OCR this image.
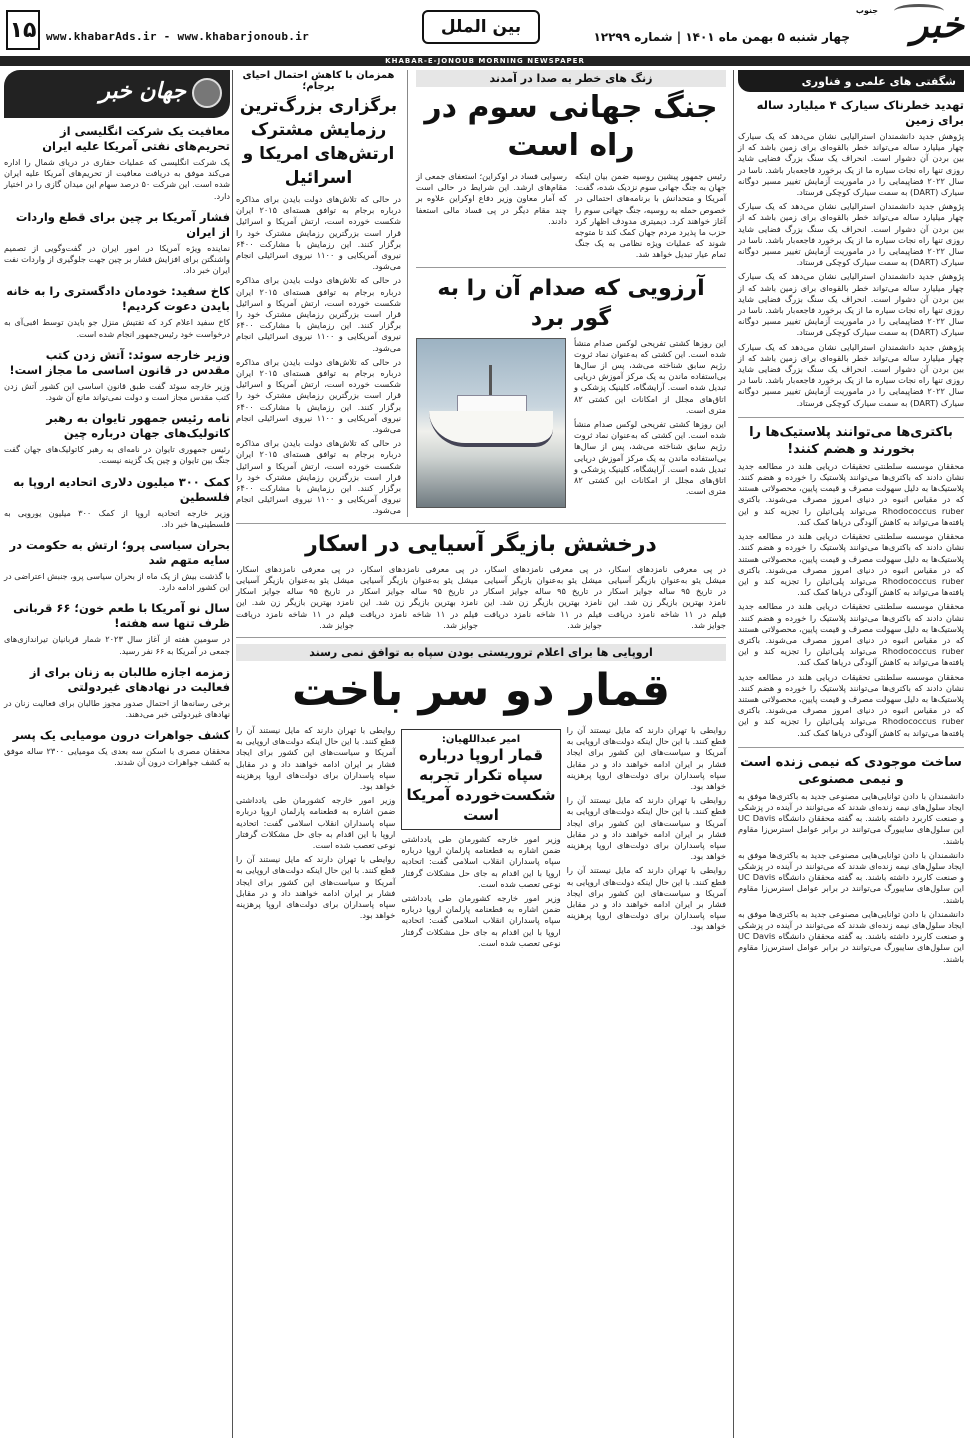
۱۵ www.khabarAds.ir - www.khabarjonoub.ir	بین الملل	چهار شنبه ۵ بهمن ماه ۱۴۰۱ | شماره ۱۲۲۹۹	خبر
جنوب
KHABAR-E-JONOUB MORNING NEWSPAPER
شگفتی های علمی و فناوری
تهدید خطرناک سیارک ۴ میلیارد ساله برای زمین
پژوهش جدید دانشمندان استرالیایی نشان می‌دهد که یک سیارک چهار میلیارد ساله می‌تواند خطر بالقوه‌ای برای زمین باشد که از بین بردن آن دشوار است. انحراف یک سنگ بزرگ فضایی شاید روزی تنها راه نجات سیاره ما از یک برخورد فاجعه‌بار باشد. ناسا در سال ۲۰۲۲ فضاپیمایی را در ماموریت آزمایش تغییر مسیر دوگانه سیارک (DART) به سمت سیارک کوچکی فرستاد.
پژوهش جدید دانشمندان استرالیایی نشان می‌دهد که یک سیارک چهار میلیارد ساله می‌تواند خطر بالقوه‌ای برای زمین باشد که از بین بردن آن دشوار است. انحراف یک سنگ بزرگ فضایی شاید روزی تنها راه نجات سیاره ما از یک برخورد فاجعه‌بار باشد. ناسا در سال ۲۰۲۲ فضاپیمایی را در ماموریت آزمایش تغییر مسیر دوگانه سیارک (DART) به سمت سیارک کوچکی فرستاد.
پژوهش جدید دانشمندان استرالیایی نشان می‌دهد که یک سیارک چهار میلیارد ساله می‌تواند خطر بالقوه‌ای برای زمین باشد که از بین بردن آن دشوار است. انحراف یک سنگ بزرگ فضایی شاید روزی تنها راه نجات سیاره ما از یک برخورد فاجعه‌بار باشد. ناسا در سال ۲۰۲۲ فضاپیمایی را در ماموریت آزمایش تغییر مسیر دوگانه سیارک (DART) به سمت سیارک کوچکی فرستاد.
پژوهش جدید دانشمندان استرالیایی نشان می‌دهد که یک سیارک چهار میلیارد ساله می‌تواند خطر بالقوه‌ای برای زمین باشد که از بین بردن آن دشوار است. انحراف یک سنگ بزرگ فضایی شاید روزی تنها راه نجات سیاره ما از یک برخورد فاجعه‌بار باشد. ناسا در سال ۲۰۲۲ فضاپیمایی را در ماموریت آزمایش تغییر مسیر دوگانه سیارک (DART) به سمت سیارک کوچکی فرستاد.
باکتری‌ها می‌توانند پلاستیک‌ها را بخورند و هضم کنند!
محققان موسسه سلطنتی تحقیقات دریایی هلند در مطالعه جدید نشان دادند که باکتری‌ها می‌توانند پلاستیک را خورده و هضم کنند. پلاستیک‌ها به دلیل سهولت مصرف و قیمت پایین، محصولاتی هستند که در مقیاس انبوه در دنیای امروز مصرف می‌شوند. باکتری Rhodococcus ruber می‌تواند پلی‌اتیلن را تجزیه کند و این یافته‌ها می‌تواند به کاهش آلودگی دریاها کمک کند.
محققان موسسه سلطنتی تحقیقات دریایی هلند در مطالعه جدید نشان دادند که باکتری‌ها می‌توانند پلاستیک را خورده و هضم کنند. پلاستیک‌ها به دلیل سهولت مصرف و قیمت پایین، محصولاتی هستند که در مقیاس انبوه در دنیای امروز مصرف می‌شوند. باکتری Rhodococcus ruber می‌تواند پلی‌اتیلن را تجزیه کند و این یافته‌ها می‌تواند به کاهش آلودگی دریاها کمک کند.
محققان موسسه سلطنتی تحقیقات دریایی هلند در مطالعه جدید نشان دادند که باکتری‌ها می‌توانند پلاستیک را خورده و هضم کنند. پلاستیک‌ها به دلیل سهولت مصرف و قیمت پایین، محصولاتی هستند که در مقیاس انبوه در دنیای امروز مصرف می‌شوند. باکتری Rhodococcus ruber می‌تواند پلی‌اتیلن را تجزیه کند و این یافته‌ها می‌تواند به کاهش آلودگی دریاها کمک کند.
محققان موسسه سلطنتی تحقیقات دریایی هلند در مطالعه جدید نشان دادند که باکتری‌ها می‌توانند پلاستیک را خورده و هضم کنند. پلاستیک‌ها به دلیل سهولت مصرف و قیمت پایین، محصولاتی هستند که در مقیاس انبوه در دنیای امروز مصرف می‌شوند. باکتری Rhodococcus ruber می‌تواند پلی‌اتیلن را تجزیه کند و این یافته‌ها می‌تواند به کاهش آلودگی دریاها کمک کند.
ساخت موجودی که نیمی زنده است و نیمی مصنوعی
دانشمندان با دادن توانایی‌هایی مصنوعی جدید به باکتری‌ها موفق به ایجاد سلول‌های نیمه زنده‌ای شدند که می‌توانند در آینده در پزشکی و صنعت کاربرد داشته باشند. به گفته محققان دانشگاه UC Davis این سلول‌های سایبورگ می‌توانند در برابر عوامل استرس‌زا مقاوم باشند.
دانشمندان با دادن توانایی‌هایی مصنوعی جدید به باکتری‌ها موفق به ایجاد سلول‌های نیمه زنده‌ای شدند که می‌توانند در آینده در پزشکی و صنعت کاربرد داشته باشند. به گفته محققان دانشگاه UC Davis این سلول‌های سایبورگ می‌توانند در برابر عوامل استرس‌زا مقاوم باشند.
دانشمندان با دادن توانایی‌هایی مصنوعی جدید به باکتری‌ها موفق به ایجاد سلول‌های نیمه زنده‌ای شدند که می‌توانند در آینده در پزشکی و صنعت کاربرد داشته باشند. به گفته محققان دانشگاه UC Davis این سلول‌های سایبورگ می‌توانند در برابر عوامل استرس‌زا مقاوم باشند.
جهان خبر
معافیت یک شرکت انگلیسی از تحریم‌های نفتی آمریکا علیه ایران
یک شرکت انگلیسی که عملیات حفاری در دریای شمال را اداره می‌کند موفق به دریافت معافیت از تحریم‌های آمریکا علیه ایران شده است. این شرکت ۵۰ درصد سهام این میدان گازی را در اختیار دارد.
فشار آمریکا بر چین برای قطع واردات از ایران
نماینده ویژه آمریکا در امور ایران در گفت‌وگویی از تصمیم واشنگتن برای افزایش فشار بر چین جهت جلوگیری از واردات نفت ایران خبر داد.
کاخ سفید: خودمان دادگستری را به خانه بایدن دعوت کردیم!
کاخ سفید اعلام کرد که تفتیش منزل جو بایدن توسط افبی‌آی به درخواست خود رئیس‌جمهور انجام شده است.
وزیر خارجه سوئد: آتش زدن کتب مقدس در قانون اساسی ما مجاز است!
وزیر خارجه سوئد گفت طبق قانون اساسی این کشور آتش زدن کتب مقدس مجاز است و دولت نمی‌تواند مانع آن شود.
نامه رئیس جمهور تایوان به رهبر کاتولیک‌های جهان درباره چین
رئیس جمهوری تایوان در نامه‌ای به رهبر کاتولیک‌های جهان گفت جنگ بین تایوان و چین یک گزینه نیست.
کمک ۳۰۰ میلیون دلاری اتحادیه اروپا به فلسطین
وزیر خارجه اتحادیه اروپا از کمک ۳۰۰ میلیون یورویی به فلسطینی‌ها خبر داد.
بحران سیاسی پرو؛ ارتش به حکومت در سایه متهم شد
با گذشت بیش از یک ماه از بحران سیاسی پرو، جنبش اعتراضی در این کشور ادامه دارد.
سال نو آمریکا با طعم خون؛ ۶۶ قربانی ظرف تنها سه هفته!
در سومین هفته از آغاز سال ۲۰۲۳ شمار قربانیان تیراندازی‌های جمعی در آمریکا به ۶۶ نفر رسید.
زمزمه اجازه طالبان به زنان برای از فعالیت در نهادهای غیردولتی
برخی رسانه‌ها از احتمال صدور مجوز طالبان برای فعالیت زنان در نهادهای غیردولتی خبر می‌دهند.
کشف جواهرات درون مومیایی یک پسر
محققان مصری با اسکن سه بعدی یک مومیایی ۲۳۰۰ ساله موفق به کشف جواهرات درون آن شدند.
زنگ های خطر به صدا در آمدند
جنگ جهانی سوم در راه است
رئیس جمهور پیشین روسیه ضمن بیان اینکه جهان به جنگ جهانی سوم نزدیک شده، گفت: آمریکا و متحدانش با برنامه‌های احتمالی در خصوص حمله به روسیه، جنگ جهانی سوم را آغاز خواهند کرد. دیمیتری مدودف اظهار کرد حزب ما پذیرد مردم جهان کمک کند تا متوجه شوند که عملیات ویژه نظامی به یک جنگ تمام عیار تبدیل خواهد شد.
رسوایی فساد در اوکراین؛ استعفای جمعی از مقام‌های ارشد. این شرایط در حالی است که آمار معاون وزیر دفاع اوکراین علاوه بر چند مقام دیگر در پی فساد مالی استعفا دادند.
آرزویی که صدام آن را به گور برد
این روزها کشتی تفریحی لوکس صدام منشأ شده است. این کشتی که به‌عنوان نماد ثروت رژیم سابق شناخته می‌شد، پس از سال‌ها بی‌استفاده ماندن به یک مرکز آموزش دریایی تبدیل شده است. آرایشگاه، کلینیک پزشکی و اتاق‌های مجلل از امکانات این کشتی ۸۲ متری است.
این روزها کشتی تفریحی لوکس صدام منشأ شده است. این کشتی که به‌عنوان نماد ثروت رژیم سابق شناخته می‌شد، پس از سال‌ها بی‌استفاده ماندن به یک مرکز آموزش دریایی تبدیل شده است. آرایشگاه، کلینیک پزشکی و اتاق‌های مجلل از امکانات این کشتی ۸۲ متری است.
همزمان با کاهش احتمال احیای برجام؛
برگزاری بزرگ‌ترین رزمایش مشترک ارتش‌های امریکا و اسرائیل
در حالی که تلاش‌های دولت بایدن برای مذاکره درباره برجام به توافق هسته‌ای ۲۰۱۵ ایران شکست خورده است، ارتش آمریکا و اسرائیل قرار است بزرگترین رزمایش مشترک خود را برگزار کنند. این رزمایش با مشارکت ۶۴۰۰ نیروی آمریکایی و ۱۱۰۰ نیروی اسرائیلی انجام می‌شود.
در حالی که تلاش‌های دولت بایدن برای مذاکره درباره برجام به توافق هسته‌ای ۲۰۱۵ ایران شکست خورده است، ارتش آمریکا و اسرائیل قرار است بزرگترین رزمایش مشترک خود را برگزار کنند. این رزمایش با مشارکت ۶۴۰۰ نیروی آمریکایی و ۱۱۰۰ نیروی اسرائیلی انجام می‌شود.
در حالی که تلاش‌های دولت بایدن برای مذاکره درباره برجام به توافق هسته‌ای ۲۰۱۵ ایران شکست خورده است، ارتش آمریکا و اسرائیل قرار است بزرگترین رزمایش مشترک خود را برگزار کنند. این رزمایش با مشارکت ۶۴۰۰ نیروی آمریکایی و ۱۱۰۰ نیروی اسرائیلی انجام می‌شود.
در حالی که تلاش‌های دولت بایدن برای مذاکره درباره برجام به توافق هسته‌ای ۲۰۱۵ ایران شکست خورده است، ارتش آمریکا و اسرائیل قرار است بزرگترین رزمایش مشترک خود را برگزار کنند. این رزمایش با مشارکت ۶۴۰۰ نیروی آمریکایی و ۱۱۰۰ نیروی اسرائیلی انجام می‌شود.
درخشش بازیگر آسیایی در اسکار
در پی معرفی نامزدهای اسکار، میشل یئو به‌عنوان بازیگر آسیایی در تاریخ ۹۵ ساله جوایز اسکار نامزد بهترین بازیگر زن شد. این فیلم در ۱۱ شاخه نامزد دریافت جوایز شد.
در پی معرفی نامزدهای اسکار، میشل یئو به‌عنوان بازیگر آسیایی در تاریخ ۹۵ ساله جوایز اسکار نامزد بهترین بازیگر زن شد. این فیلم در ۱۱ شاخه نامزد دریافت جوایز شد.
در پی معرفی نامزدهای اسکار، میشل یئو به‌عنوان بازیگر آسیایی در تاریخ ۹۵ ساله جوایز اسکار نامزد بهترین بازیگر زن شد. این فیلم در ۱۱ شاخه نامزد دریافت جوایز شد.
در پی معرفی نامزدهای اسکار، میشل یئو به‌عنوان بازیگر آسیایی در تاریخ ۹۵ ساله جوایز اسکار نامزد بهترین بازیگر زن شد. این فیلم در ۱۱ شاخه نامزد دریافت جوایز شد.
اروپایی ها برای اعلام تروریستی بودن سپاه به توافق نمی رسند
قمار دو سر باخت
روایطی با تهران دارند که مایل نیستند آن را قطع کنند. با این حال اینکه دولت‌های اروپایی به آمریکا و سیاست‌های این کشور برای ایجاد فشار بر ایران ادامه خواهند داد و در مقابل سپاه پاسداران برای دولت‌های اروپا پرهزینه خواهد بود.
روایطی با تهران دارند که مایل نیستند آن را قطع کنند. با این حال اینکه دولت‌های اروپایی به آمریکا و سیاست‌های این کشور برای ایجاد فشار بر ایران ادامه خواهند داد و در مقابل سپاه پاسداران برای دولت‌های اروپا پرهزینه خواهد بود.
روایطی با تهران دارند که مایل نیستند آن را قطع کنند. با این حال اینکه دولت‌های اروپایی به آمریکا و سیاست‌های این کشور برای ایجاد فشار بر ایران ادامه خواهند داد و در مقابل سپاه پاسداران برای دولت‌های اروپا پرهزینه خواهد بود.
امیر عبداللهیان:
قمار اروپا درباره سپاه تکرار تجربه شکست‌خورده آمریکا است
وزیر امور خارجه کشورمان طی یادداشتی ضمن اشاره به قطعنامه پارلمان اروپا درباره سپاه پاسداران انقلاب اسلامی گفت: اتحادیه اروپا با این اقدام به جای حل مشکلات گرفتار نوعی تعصب شده است.
وزیر امور خارجه کشورمان طی یادداشتی ضمن اشاره به قطعنامه پارلمان اروپا درباره سپاه پاسداران انقلاب اسلامی گفت: اتحادیه اروپا با این اقدام به جای حل مشکلات گرفتار نوعی تعصب شده است.
روایطی با تهران دارند که مایل نیستند آن را قطع کنند. با این حال اینکه دولت‌های اروپایی به آمریکا و سیاست‌های این کشور برای ایجاد فشار بر ایران ادامه خواهند داد و در مقابل سپاه پاسداران برای دولت‌های اروپا پرهزینه خواهد بود.
وزیر امور خارجه کشورمان طی یادداشتی ضمن اشاره به قطعنامه پارلمان اروپا درباره سپاه پاسداران انقلاب اسلامی گفت: اتحادیه اروپا با این اقدام به جای حل مشکلات گرفتار نوعی تعصب شده است.
روایطی با تهران دارند که مایل نیستند آن را قطع کنند. با این حال اینکه دولت‌های اروپایی به آمریکا و سیاست‌های این کشور برای ایجاد فشار بر ایران ادامه خواهند داد و در مقابل سپاه پاسداران برای دولت‌های اروپا پرهزینه خواهد بود.
